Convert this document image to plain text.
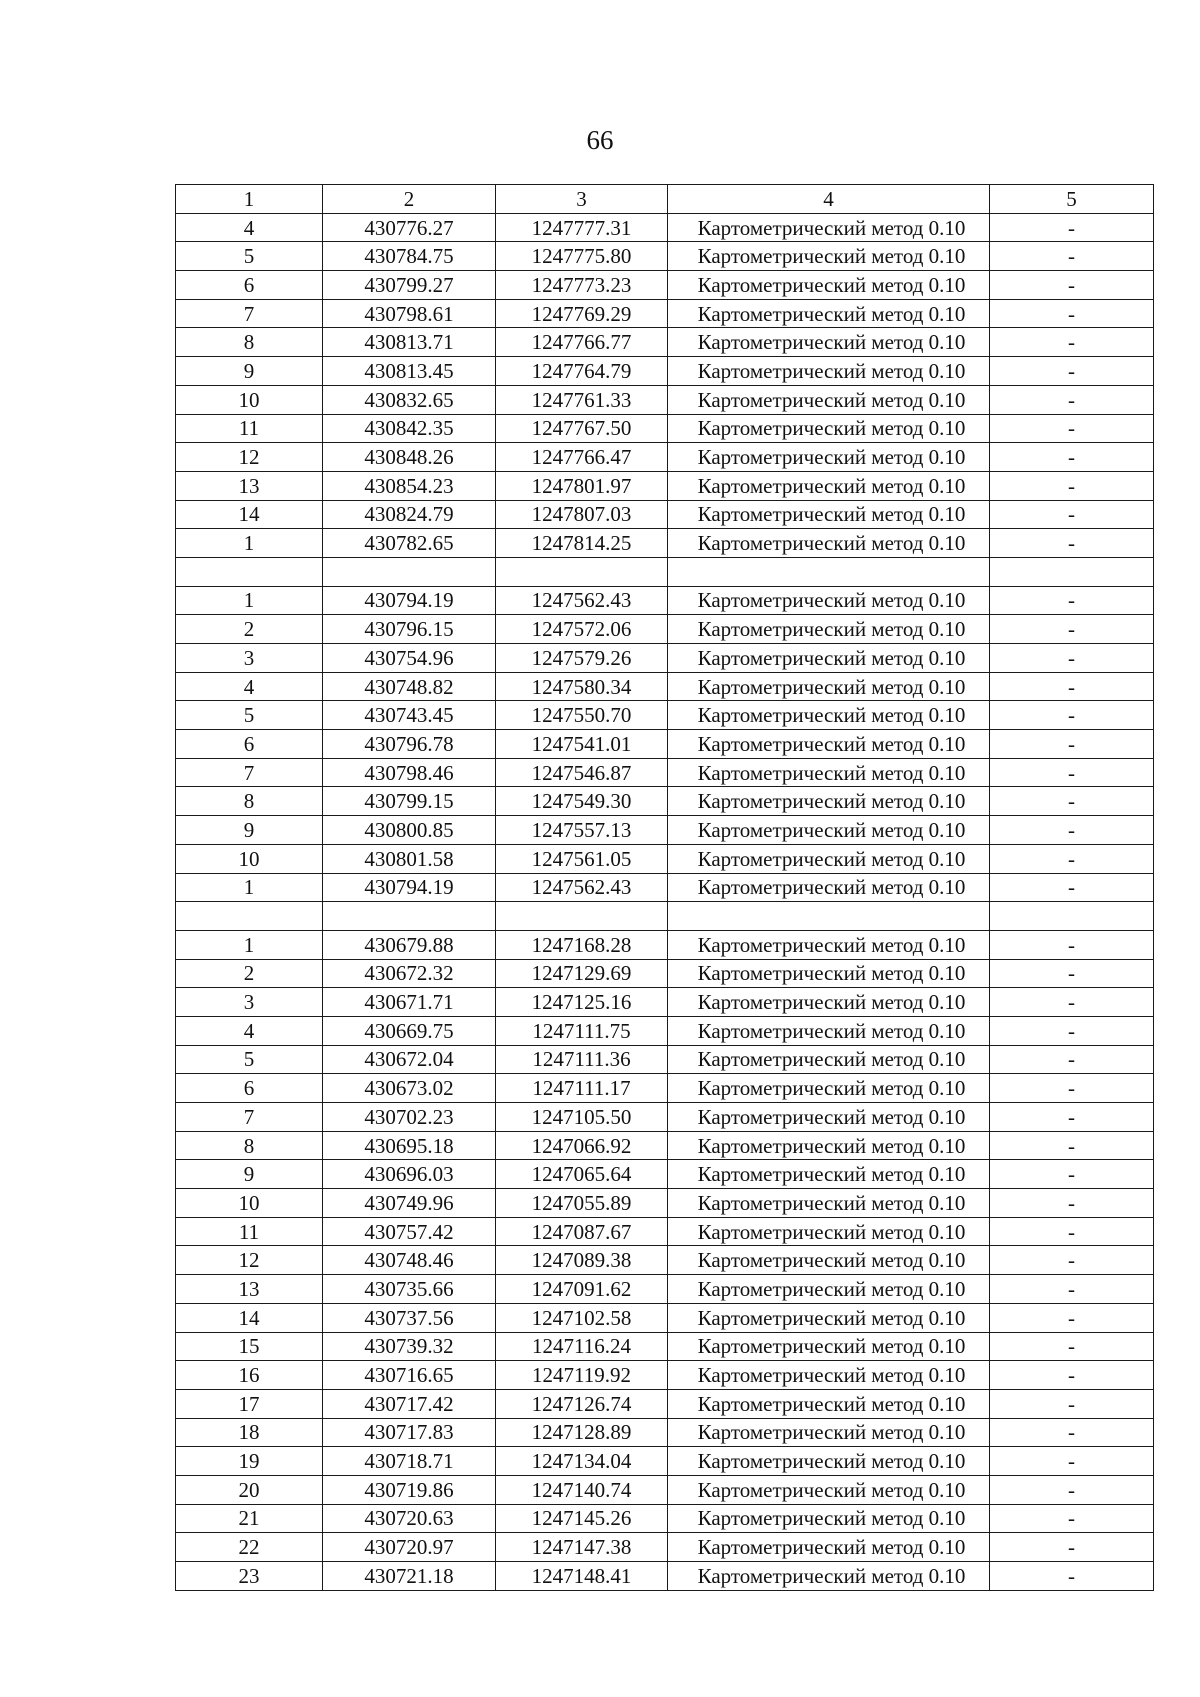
66
1	2	3	4	5
4	430776.27	1247777.31	Картометрический метод 0.10	-
5	430784.75	1247775.80	Картометрический метод 0.10	-
6	430799.27	1247773.23	Картометрический метод 0.10	-
7	430798.61	1247769.29	Картометрический метод 0.10	-
8	430813.71	1247766.77	Картометрический метод 0.10	-
9	430813.45	1247764.79	Картометрический метод 0.10	-
10	430832.65	1247761.33	Картометрический метод 0.10	-
11	430842.35	1247767.50	Картометрический метод 0.10	-
12	430848.26	1247766.47	Картометрический метод 0.10	-
13	430854.23	1247801.97	Картометрический метод 0.10	-
14	430824.79	1247807.03	Картометрический метод 0.10	-
1	430782.65	1247814.25	Картометрический метод 0.10	-

1	430794.19	1247562.43	Картометрический метод 0.10	-
2	430796.15	1247572.06	Картометрический метод 0.10	-
3	430754.96	1247579.26	Картометрический метод 0.10	-
4	430748.82	1247580.34	Картометрический метод 0.10	-
5	430743.45	1247550.70	Картометрический метод 0.10	-
6	430796.78	1247541.01	Картометрический метод 0.10	-
7	430798.46	1247546.87	Картометрический метод 0.10	-
8	430799.15	1247549.30	Картометрический метод 0.10	-
9	430800.85	1247557.13	Картометрический метод 0.10	-
10	430801.58	1247561.05	Картометрический метод 0.10	-
1	430794.19	1247562.43	Картометрический метод 0.10	-

1	430679.88	1247168.28	Картометрический метод 0.10	-
2	430672.32	1247129.69	Картометрический метод 0.10	-
3	430671.71	1247125.16	Картометрический метод 0.10	-
4	430669.75	1247111.75	Картометрический метод 0.10	-
5	430672.04	1247111.36	Картометрический метод 0.10	-
6	430673.02	1247111.17	Картометрический метод 0.10	-
7	430702.23	1247105.50	Картометрический метод 0.10	-
8	430695.18	1247066.92	Картометрический метод 0.10	-
9	430696.03	1247065.64	Картометрический метод 0.10	-
10	430749.96	1247055.89	Картометрический метод 0.10	-
11	430757.42	1247087.67	Картометрический метод 0.10	-
12	430748.46	1247089.38	Картометрический метод 0.10	-
13	430735.66	1247091.62	Картометрический метод 0.10	-
14	430737.56	1247102.58	Картометрический метод 0.10	-
15	430739.32	1247116.24	Картометрический метод 0.10	-
16	430716.65	1247119.92	Картометрический метод 0.10	-
17	430717.42	1247126.74	Картометрический метод 0.10	-
18	430717.83	1247128.89	Картометрический метод 0.10	-
19	430718.71	1247134.04	Картометрический метод 0.10	-
20	430719.86	1247140.74	Картометрический метод 0.10	-
21	430720.63	1247145.26	Картометрический метод 0.10	-
22	430720.97	1247147.38	Картометрический метод 0.10	-
23	430721.18	1247148.41	Картометрический метод 0.10	-
